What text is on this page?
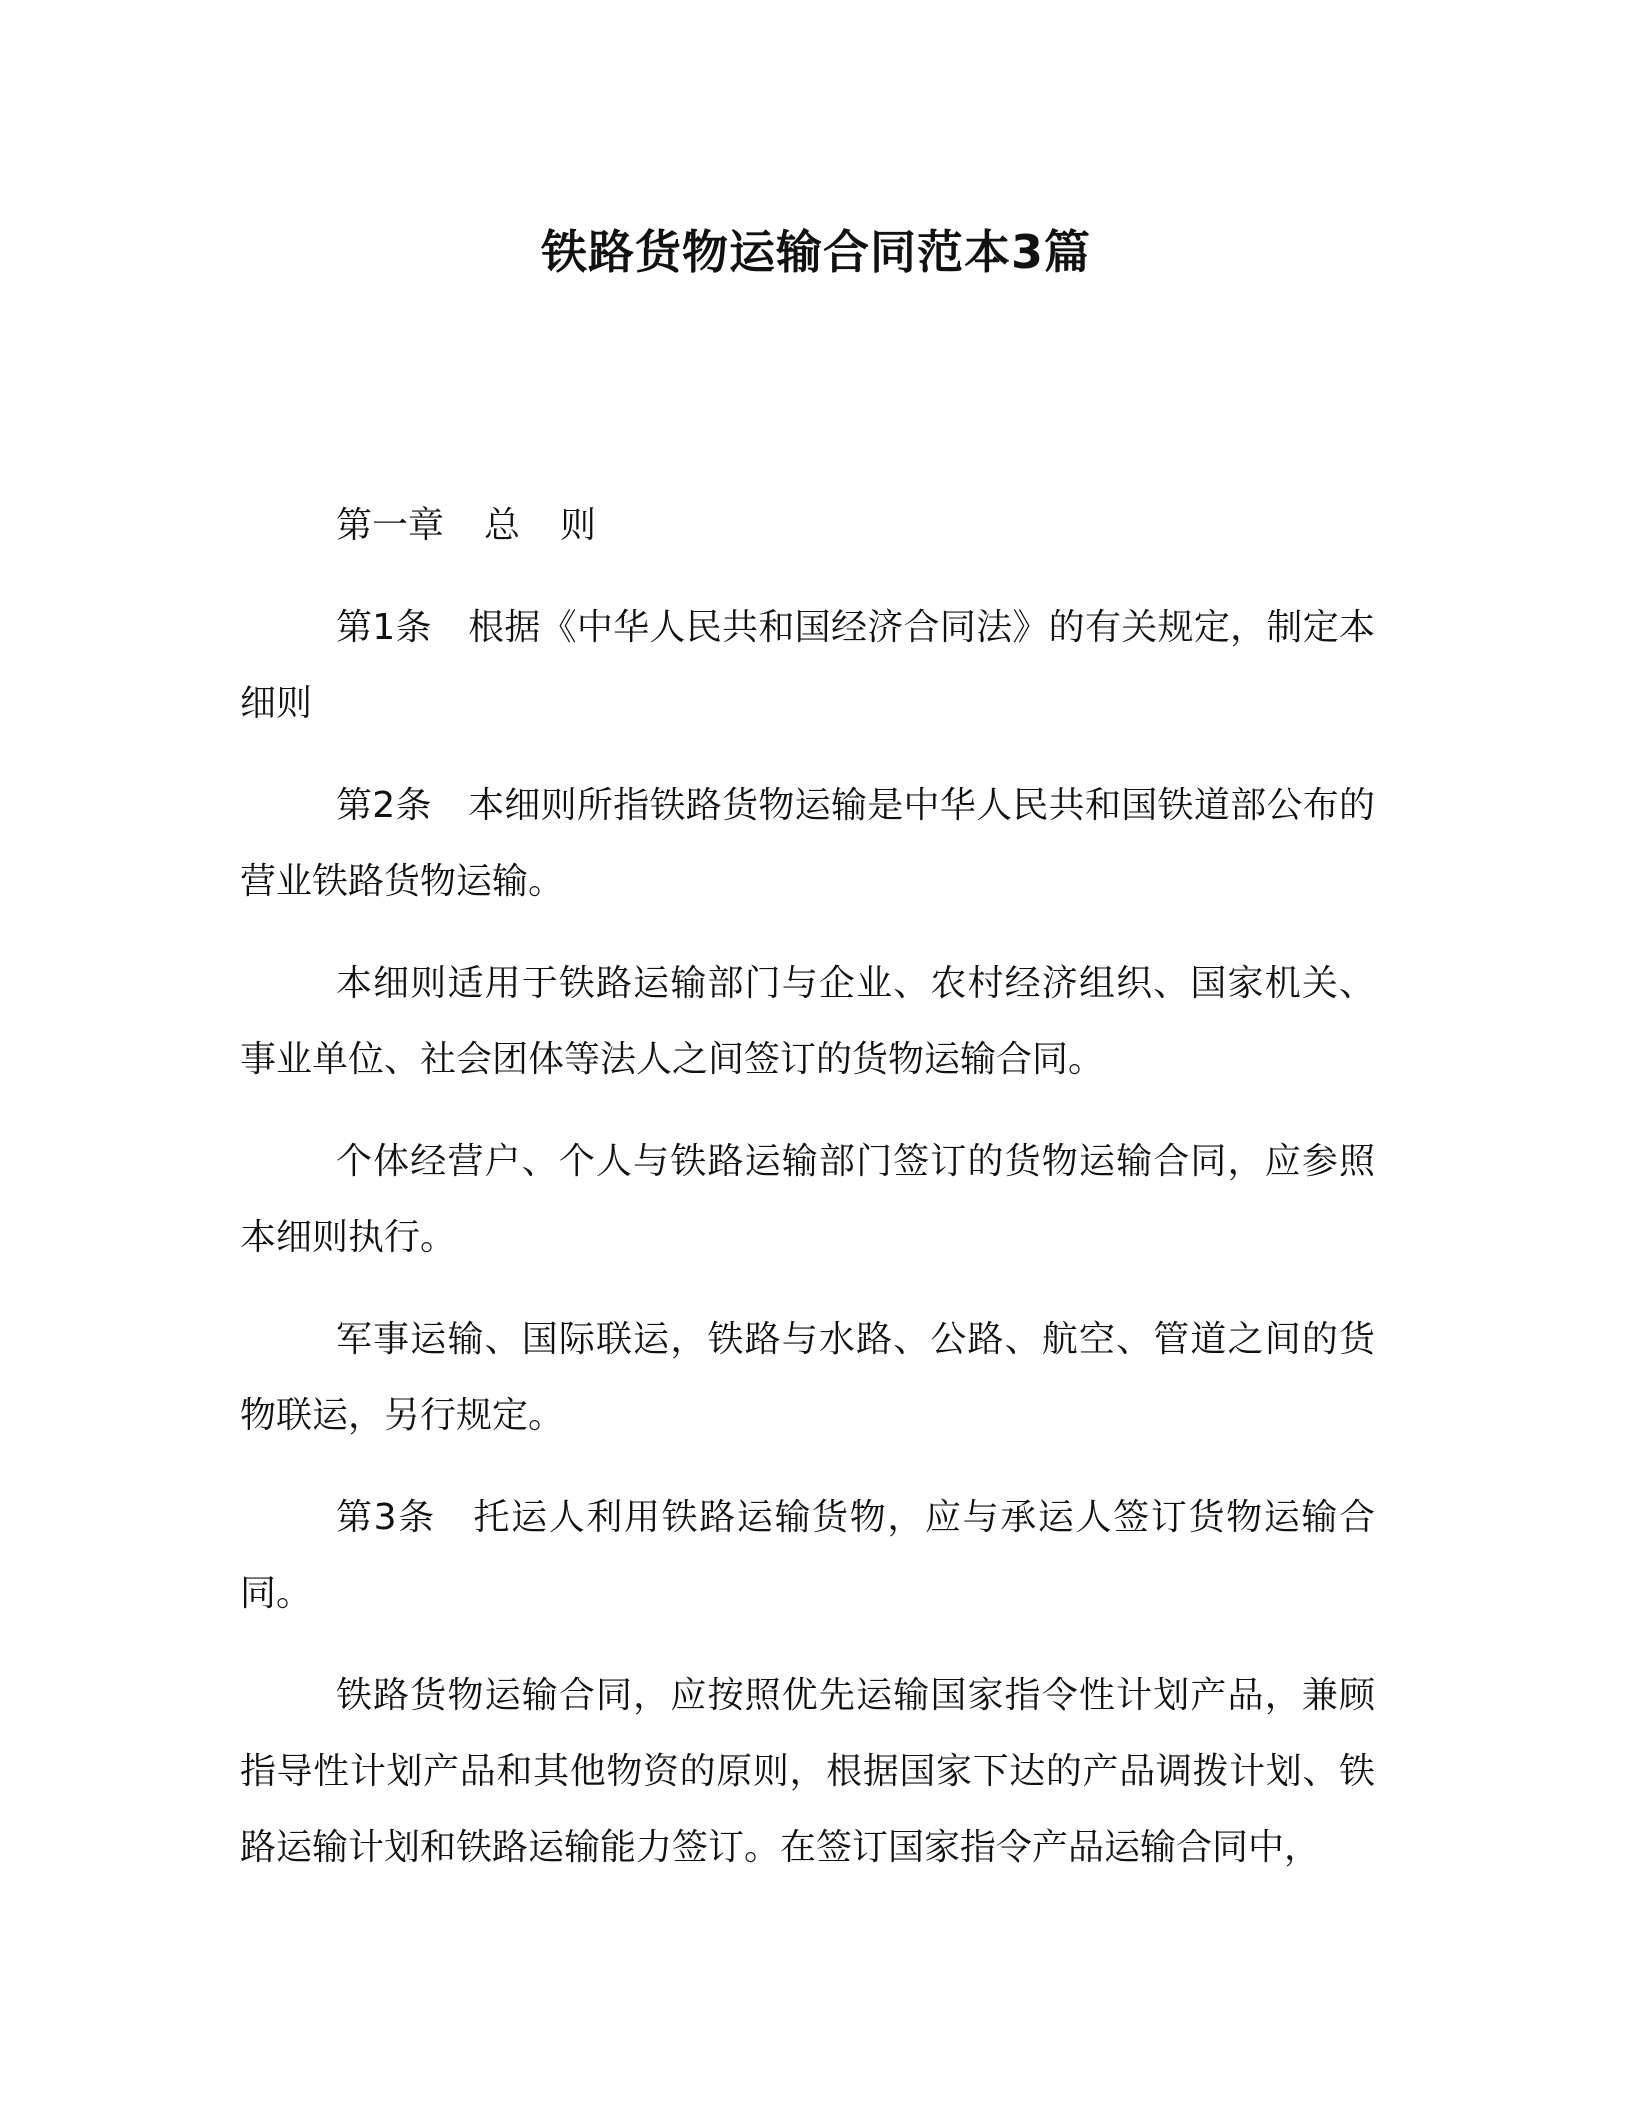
铁路货物运输合同范本3篇

第一章 总 则

第1条 根据《中华人民共和国经济合同法》的有关规定，制定本细则

第2条 本细则所指铁路货物运输是中华人民共和国铁道部公布的营业铁路货物运输。

本细则适用于铁路运输部门与企业、农村经济组织、国家机关、事业单位、社会团体等法人之间签订的货物运输合同。

个体经营户、个人与铁路运输部门签订的货物运输合同，应参照本细则执行。

军事运输、国际联运，铁路与水路、公路、航空、管道之间的货物联运，另行规定。

第3条 托运人利用铁路运输货物，应与承运人签订货物运输合同。

铁路货物运输合同，应按照优先运输国家指令性计划产品，兼顾指导性计划产品和其他物资的原则，根据国家下达的产品调拨计划、铁路运输计划和铁路运输能力签订。在签订国家指令产品运输合同中，
